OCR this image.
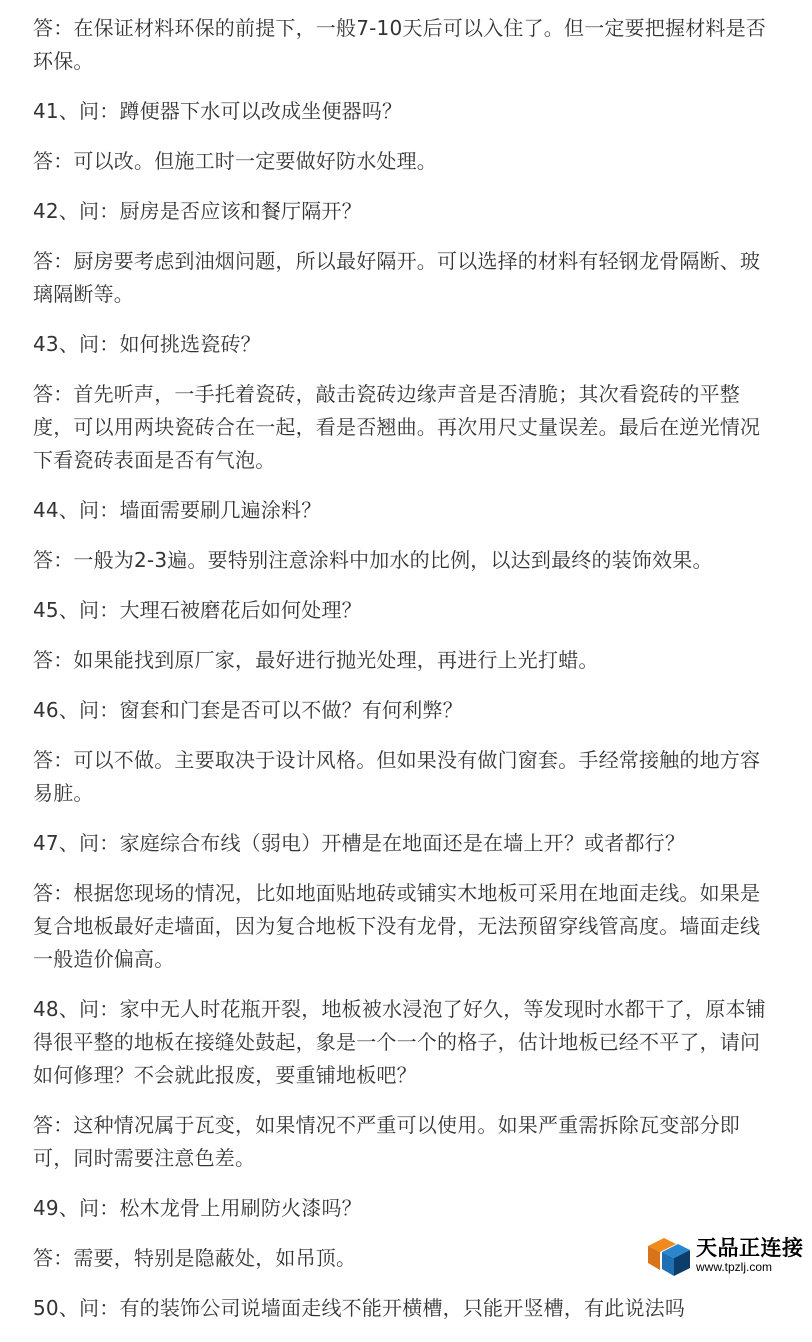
答：在保证材料环保的前提下，一般7-10天后可以入住了。但一定要把握材料是否环保。

41、问：蹲便器下水可以改成坐便器吗？

答：可以改。但施工时一定要做好防水处理。

42、问：厨房是否应该和餐厅隔开？

答：厨房要考虑到油烟问题，所以最好隔开。可以选择的材料有轻钢龙骨隔断、玻璃隔断等。

43、问：如何挑选瓷砖？

答：首先听声，一手托着瓷砖，敲击瓷砖边缘声音是否清脆；其次看瓷砖的平整度，可以用两块瓷砖合在一起，看是否翘曲。再次用尺丈量误差。最后在逆光情况下看瓷砖表面是否有气泡。

44、问：墙面需要刷几遍涂料？

答：一般为2-3遍。要特别注意涂料中加水的比例，以达到最终的装饰效果。

45、问：大理石被磨花后如何处理？

答：如果能找到原厂家，最好进行抛光处理，再进行上光打蜡。

46、问：窗套和门套是否可以不做？有何利弊？

答：可以不做。主要取决于设计风格。但如果没有做门窗套。手经常接触的地方容易脏。

47、问：家庭综合布线（弱电）开槽是在地面还是在墙上开？或者都行？

答：根据您现场的情况，比如地面贴地砖或铺实木地板可采用在地面走线。如果是复合地板最好走墙面，因为复合地板下没有龙骨，无法预留穿线管高度。墙面走线一般造价偏高。

48、问：家中无人时花瓶开裂，地板被水浸泡了好久，等发现时水都干了，原本铺得很平整的地板在接缝处鼓起，象是一个一个的格子，估计地板已经不平了，请问如何修理？不会就此报废，要重铺地板吧？

答：这种情况属于瓦变，如果情况不严重可以使用。如果严重需拆除瓦变部分即可，同时需要注意色差。

49、问：松木龙骨上用刷防火漆吗？

答：需要，特别是隐蔽处，如吊顶。

50、问：有的装饰公司说墙面走线不能开横槽，只能开竖槽，有此说法吗

天品正连接
www.tpzlj.com
